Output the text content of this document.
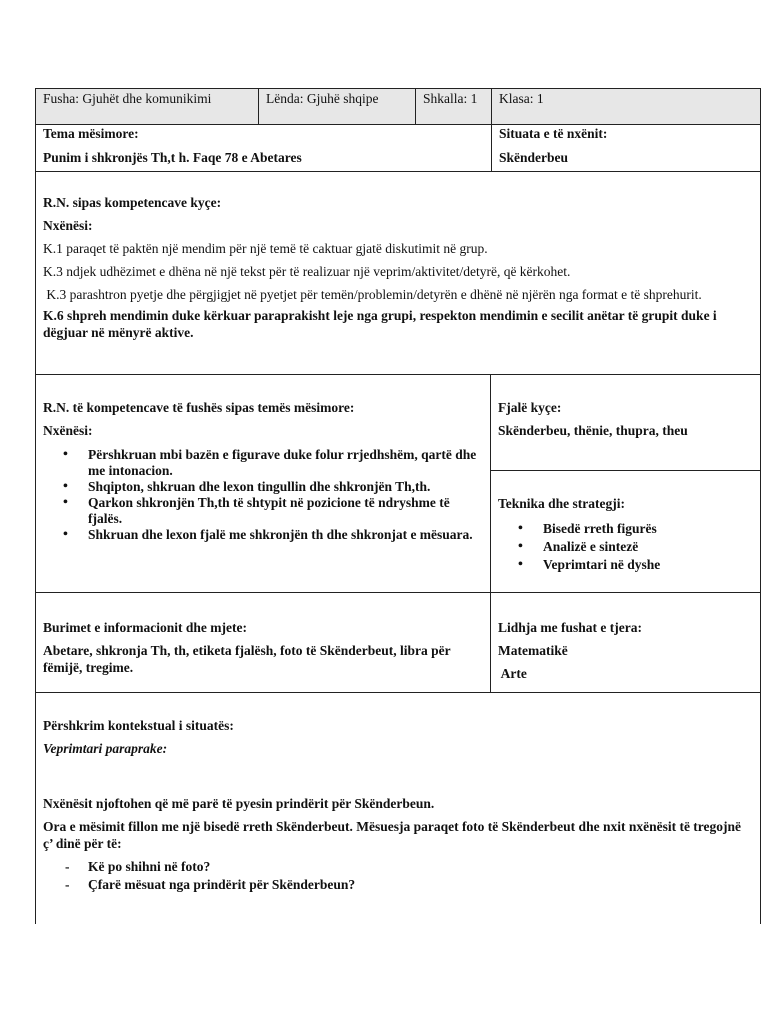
Fusha: Gjuhët dhe komunikimi	Lënda: Gjuhë shqipe	Shkalla: 1	Klasa: 1

Tema mësimore:

Punim i shkronjës Th,t h. Faqe 78 e Abetares

Situata e të nxënit:

Skënderbeu

R.N. sipas kompetencave kyçe:

Nxënësi:

K.1 paraqet të paktën një mendim për një temë të caktuar gjatë diskutimit në grup.

K.3 ndjek udhëzimet e dhëna në një tekst për të realizuar një veprim/aktivitet/detyrë, që kërkohet.

K.3 parashtron pyetje dhe përgjigjet në pyetjet për temën/problemin/detyrën e dhënë në njërën nga format e të shprehurit.

K.6 shpreh mendimin duke kërkuar paraprakisht leje nga grupi, respekton mendimin e secilit anëtar të grupit duke i dëgjuar në mënyrë aktive.

R.N. të kompetencave të fushës sipas temës mësimore:

Nxënësi:

• Përshkruan mbi bazën e figurave duke folur rrjedhshëm, qartë dhe me intonacion.
• Shqipton, shkruan dhe lexon tingullin dhe shkronjën Th,th.
• Qarkon shkronjën Th,th të shtypit në pozicione të ndryshme të fjalës.
• Shkruan dhe lexon fjalë me shkronjën th dhe shkronjat e mësuara.

Fjalë kyçe:

Skënderbeu, thënie, thupra, theu

Teknika dhe strategji:

• Bisedë rreth figurës
• Analizë e sintezë
• Veprimtari në dyshe

Burimet e informacionit dhe mjete:

Abetare, shkronja Th, th, etiketa fjalësh, foto të Skënderbeut, libra për fëmijë, tregime.

Lidhja me fushat e tjera:

Matematikë

Arte

Përshkrim kontekstual i situatës:

Veprimtari paraprake:

Nxënësit njoftohen që më parë të pyesin prindërit për Skënderbeun.

Ora e mësimit fillon me një bisedë rreth Skënderbeut. Mësuesja paraqet foto të Skënderbeut dhe nxit nxënësit të tregojnë ç’ dinë për të:

- Kë po shihni në foto?
- Çfarë mësuat nga prindërit për Skënderbeun?
